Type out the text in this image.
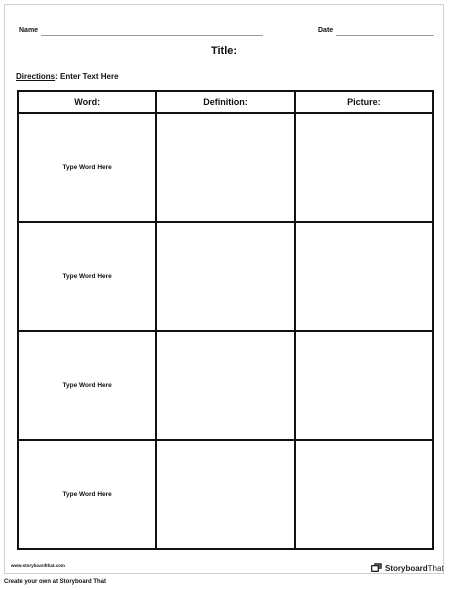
Name	Date
Title:
Directions: Enter Text Here
Word:	Definition:	Picture:
Type Word Here		
Type Word Here		
Type Word Here		
Type Word Here		
www.storyboardthat.com	StoryboardThat
Create your own at Storyboard That
